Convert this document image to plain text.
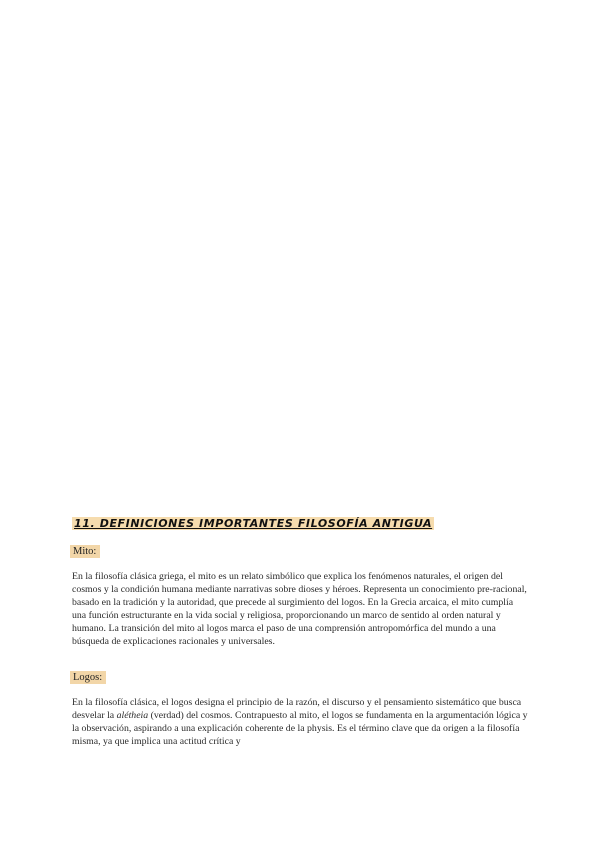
11. DEFINICIONES IMPORTANTES FILOSOFÍA ANTIGUA
Mito:

En la filosofía clásica griega, el mito es un relato simbólico que explica los fenómenos naturales, el origen del cosmos y la condición humana mediante narrativas sobre dioses y héroes. Representa un conocimiento pre-racional, basado en la tradición y la autoridad, que precede al surgimiento del logos. En la Grecia arcaica, el mito cumplía una función estructurante en la vida social y religiosa, proporcionando un marco de sentido al orden natural y humano. La transición del mito al logos marca el paso de una comprensión antropomórfica del mundo a una búsqueda de explicaciones racionales y universales.

Logos:

En la filosofía clásica, el logos designa el principio de la razón, el discurso y el pensamiento sistemático que busca desvelar la alétheia (verdad) del cosmos. Contrapuesto al mito, el logos se fundamenta en la argumentación lógica y la observación, aspirando a una explicación coherente de la physis. Es el término clave que da origen a la filosofía misma, ya que implica una actitud crítica y
